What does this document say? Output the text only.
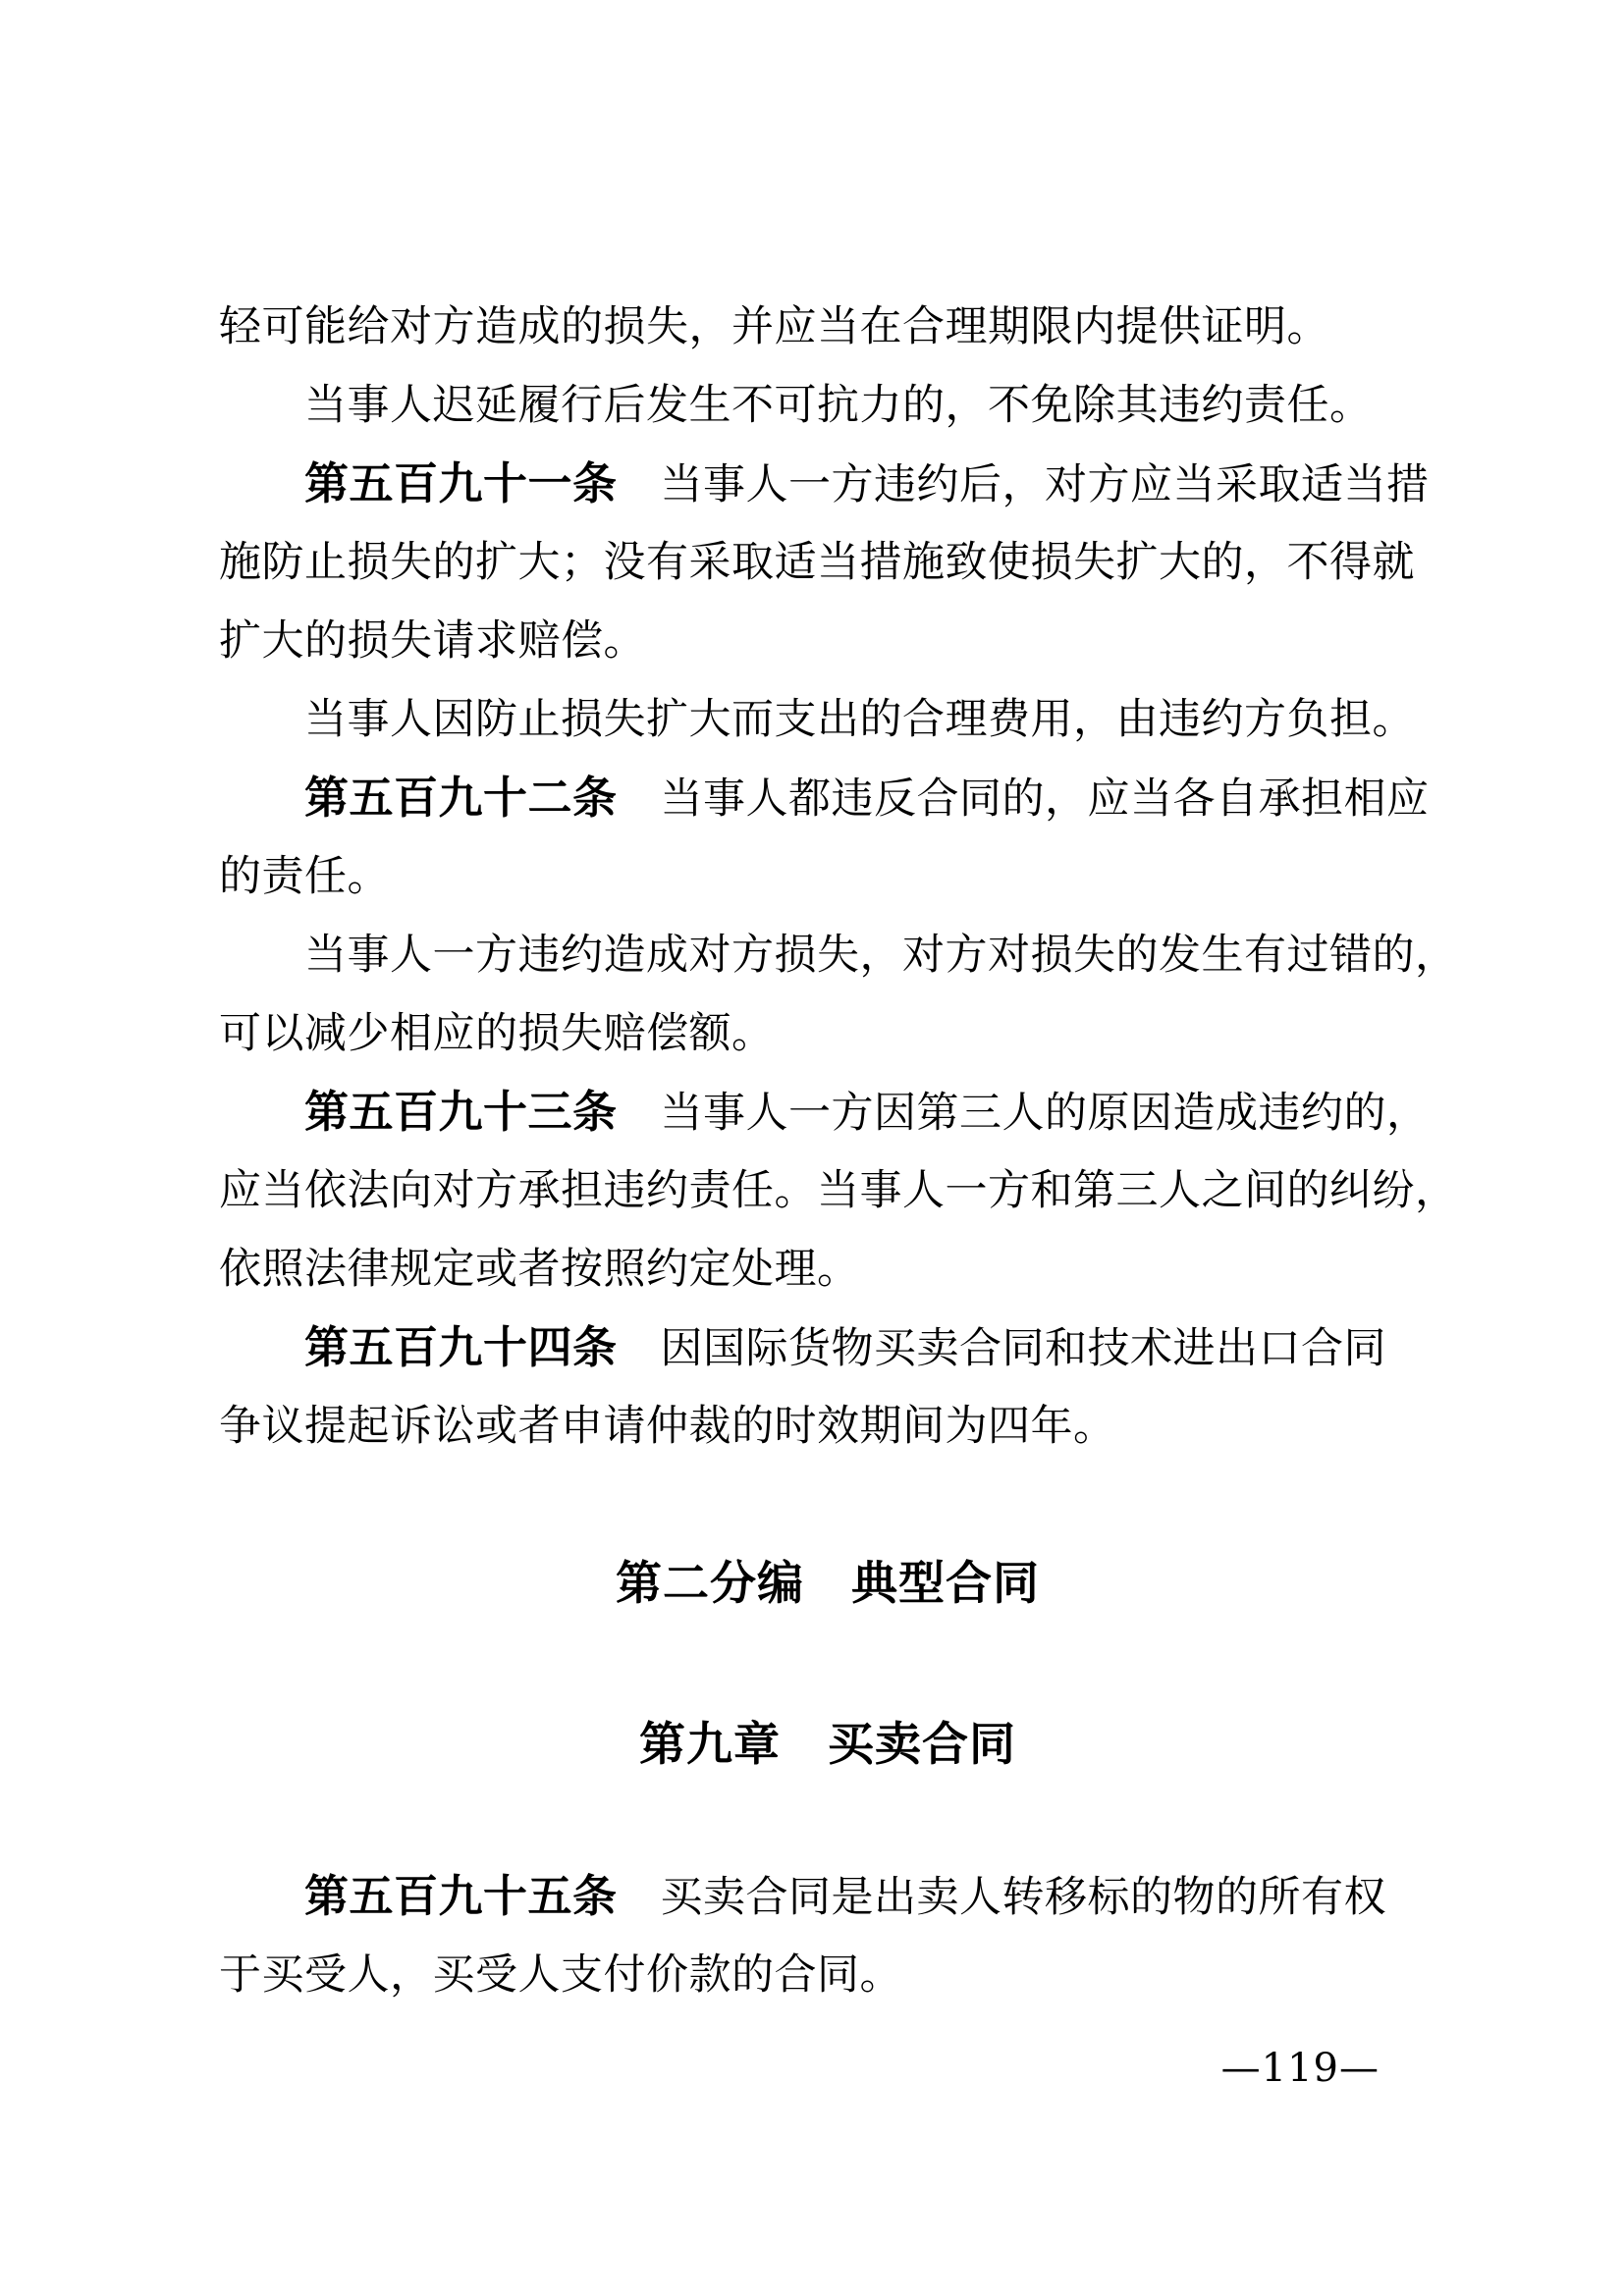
轻可能给对方造成的损失，并应当在合理期限内提供证明。
当事人迟延履行后发生不可抗力的，不免除其违约责任。
第五百九十一条 当事人一方违约后，对方应当采取适当措
施防止损失的扩大；没有采取适当措施致使损失扩大的，不得就
扩大的损失请求赔偿。
当事人因防止损失扩大而支出的合理费用，由违约方负担。
第五百九十二条 当事人都违反合同的，应当各自承担相应
的责任。
当事人一方违约造成对方损失，对方对损失的发生有过错的，
可以减少相应的损失赔偿额。
第五百九十三条 当事人一方因第三人的原因造成违约的，
应当依法向对方承担违约责任。当事人一方和第三人之间的纠纷，
依照法律规定或者按照约定处理。
第五百九十四条 因国际货物买卖合同和技术进出口合同
争议提起诉讼或者申请仲裁的时效期间为四年。
第二分编　典型合同
第九章　买卖合同
第五百九十五条 买卖合同是出卖人转移标的物的所有权
于买受人，买受人支付价款的合同。
—119—
